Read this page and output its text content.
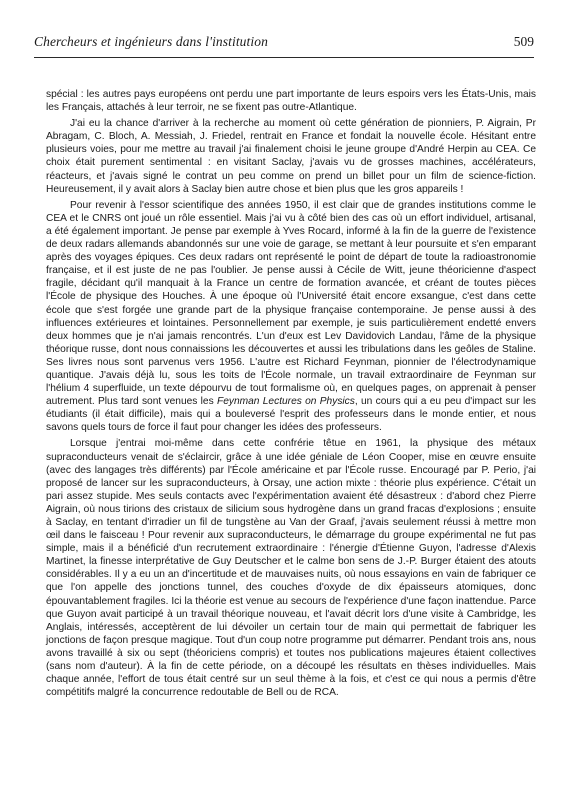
Chercheurs et ingénieurs dans l'institution	509

spécial : les autres pays européens ont perdu une part importante de leurs espoirs vers les États-Unis, mais les Français, attachés à leur terroir, ne se fixent pas outre-Atlantique.

J'ai eu la chance d'arriver à la recherche au moment où cette génération de pionniers, P. Aigrain, Pr Abragam, C. Bloch, A. Messiah, J. Friedel, rentrait en France et fondait la nouvelle école. Hésitant entre plusieurs voies, pour me mettre au travail j'ai finalement choisi le jeune groupe d'André Herpin au CEA. Ce choix était purement sentimental : en visitant Saclay, j'avais vu de grosses machines, accélérateurs, réacteurs, et j'avais signé le contrat un peu comme on prend un billet pour un film de science-fiction. Heureusement, il y avait alors à Saclay bien autre chose et bien plus que les gros appareils !

Pour revenir à l'essor scientifique des années 1950, il est clair que de grandes institutions comme le CEA et le CNRS ont joué un rôle essentiel. Mais j'ai vu à côté bien des cas où un effort individuel, artisanal, a été également important. Je pense par exemple à Yves Rocard, informé à la fin de la guerre de l'existence de deux radars allemands abandonnés sur une voie de garage, se mettant à leur poursuite et s'en emparant après des voyages épiques. Ces deux radars ont représenté le point de départ de toute la radioastronomie française, et il est juste de ne pas l'oublier. Je pense aussi à Cécile de Witt, jeune théoricienne d'aspect fragile, décidant qu'il manquait à la France un centre de formation avancée, et créant de toutes pièces l'École de physique des Houches. À une époque où l'Université était encore exsangue, c'est dans cette école que s'est forgée une grande part de la physique française contemporaine. Je pense aussi à des influences extérieures et lointaines. Personnellement par exemple, je suis particulièrement endetté envers deux hommes que je n'ai jamais rencontrés. L'un d'eux est Lev Davidovich Landau, l'âme de la physique théorique russe, dont nous connaissions les découvertes et aussi les tribulations dans les geôles de Staline. Ses livres nous sont parvenus vers 1956. L'autre est Richard Feynman, pionnier de l'électrodynamique quantique. J'avais déjà lu, sous les toits de l'École normale, un travail extraordinaire de Feynman sur l'hélium 4 superfluide, un texte dépourvu de tout formalisme où, en quelques pages, on apprenait à penser autrement. Plus tard sont venues les Feynman Lectures on Physics, un cours qui a eu peu d'impact sur les étudiants (il était difficile), mais qui a bouleversé l'esprit des professeurs dans le monde entier, et nous savons quels tours de force il faut pour changer les idées des professeurs.

Lorsque j'entrai moi-même dans cette confrérie têtue en 1961, la physique des métaux supraconducteurs venait de s'éclaircir, grâce à une idée géniale de Léon Cooper, mise en œuvre ensuite (avec des langages très différents) par l'École américaine et par l'École russe. Encouragé par P. Perio, j'ai proposé de lancer sur les supraconducteurs, à Orsay, une action mixte : théorie plus expérience. C'était un pari assez stupide. Mes seuls contacts avec l'expérimentation avaient été désastreux : d'abord chez Pierre Aigrain, où nous tirions des cristaux de silicium sous hydrogène dans un grand fracas d'explosions ; ensuite à Saclay, en tentant d'irradier un fil de tungstène au Van der Graaf, j'avais seulement réussi à mettre mon œil dans le faisceau ! Pour revenir aux supraconducteurs, le démarrage du groupe expérimental ne fut pas simple, mais il a bénéficié d'un recrutement extraordinaire : l'énergie d'Étienne Guyon, l'adresse d'Alexis Martinet, la finesse interprétative de Guy Deutscher et le calme bon sens de J.-P. Burger étaient des atouts considérables. Il y a eu un an d'incertitude et de mauvaises nuits, où nous essayions en vain de fabriquer ce que l'on appelle des jonctions tunnel, des couches d'oxyde de dix épaisseurs atomiques, donc épouvantablement fragiles. Ici la théorie est venue au secours de l'expérience d'une façon inattendue. Parce que Guyon avait participé à un travail théorique nouveau, et l'avait décrit lors d'une visite à Cambridge, les Anglais, intéressés, acceptèrent de lui dévoiler un certain tour de main qui permettait de fabriquer les jonctions de façon presque magique. Tout d'un coup notre programme put démarrer. Pendant trois ans, nous avons travaillé à six ou sept (théoriciens compris) et toutes nos publications majeures étaient collectives (sans nom d'auteur). À la fin de cette période, on a découpé les résultats en thèses individuelles. Mais chaque année, l'effort de tous était centré sur un seul thème à la fois, et c'est ce qui nous a permis d'être compétitifs malgré la concurrence redoutable de Bell ou de RCA.
